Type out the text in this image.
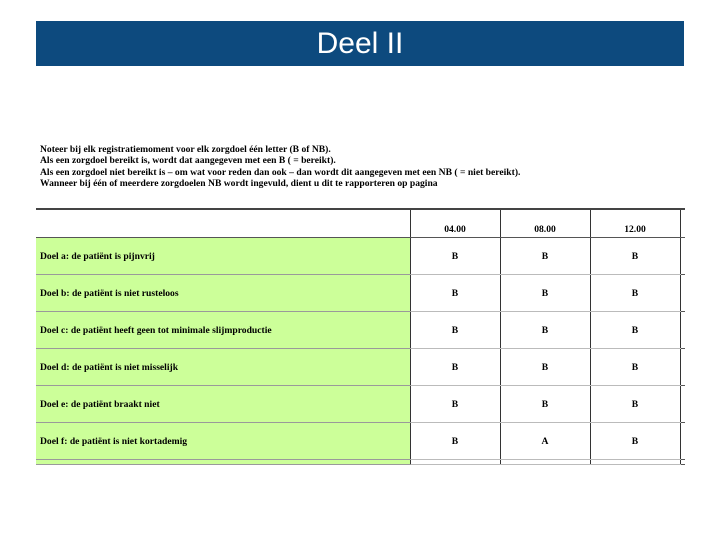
Deel II
Noteer bij elk registratiemoment voor elk zorgdoel één letter (B of NB).
Als een zorgdoel bereikt is, wordt dat aangegeven met een B ( = bereikt).
Als een zorgdoel niet bereikt is – om wat voor reden dan ook – dan wordt dit aangegeven met een NB ( = niet bereikt).
Wanneer bij één of meerdere zorgdoelen NB wordt ingevuld, dient u dit te rapporteren op pagina
	04.00	08.00	12.00	
Doel a: de patiënt is pijnvrij	B	B	B	
Doel b: de patiënt is niet rusteloos	B	B	B	
Doel c: de patiënt heeft geen tot minimale slijmproductie	B	B	B	
Doel d: de patiënt is niet misselijk	B	B	B	
Doel e: de patiënt braakt niet	B	B	B	
Doel f: de patiënt is niet kortademig	B	A	B	
